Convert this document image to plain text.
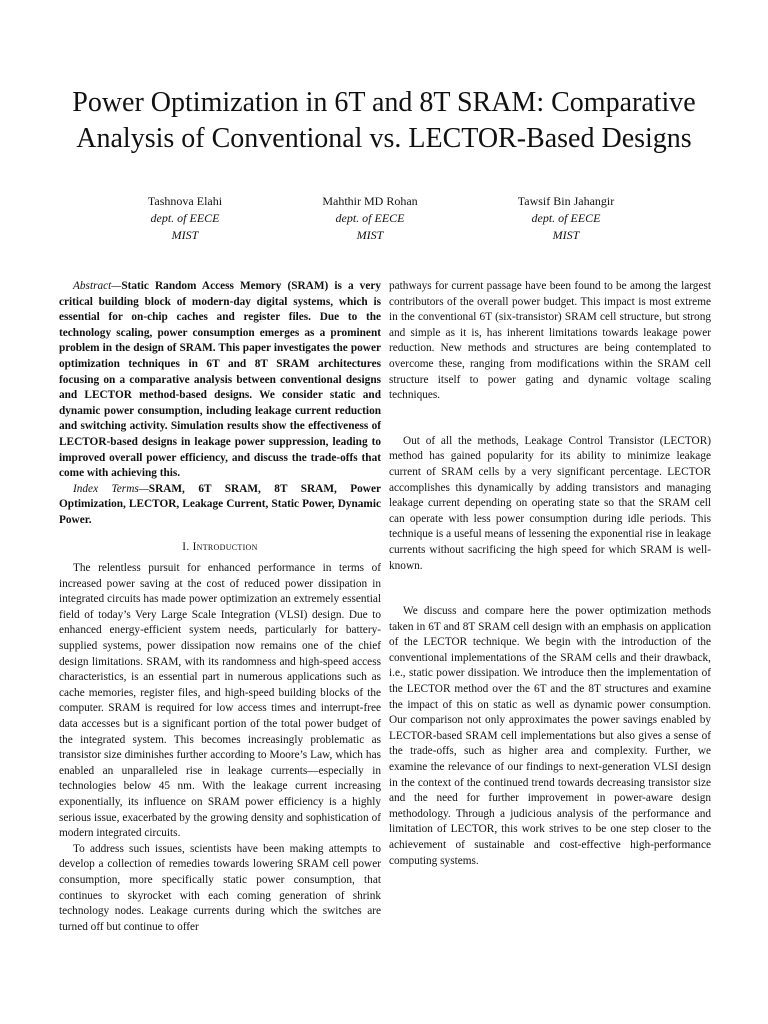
Power Optimization in 6T and 8T SRAM: Comparative Analysis of Conventional vs. LECTOR-Based Designs
Tashnova Elahi
dept. of EECE
MIST
Mahthir MD Rohan
dept. of EECE
MIST
Tawsif Bin Jahangir
dept. of EECE
MIST

Abstract—Static Random Access Memory (SRAM) is a very critical building block of modern-day digital systems, which is essential for on-chip caches and register files. Due to the technology scaling, power consumption emerges as a prominent problem in the design of SRAM. This paper investigates the power optimization techniques in 6T and 8T SRAM architectures focusing on a comparative analysis between conventional designs and LECTOR method-based designs. We consider static and dynamic power consumption, including leakage current reduction and switching activity. Simulation results show the effectiveness of LECTOR-based designs in leakage power suppression, leading to improved overall power efficiency, and discuss the trade-offs that come with achieving this.

Index Terms—SRAM, 6T SRAM, 8T SRAM, Power Optimization, LECTOR, Leakage Current, Static Power, Dynamic Power.

I. Introduction

The relentless pursuit for enhanced performance in terms of increased power saving at the cost of reduced power dissipation in integrated circuits has made power optimization an extremely essential field of today’s Very Large Scale Integration (VLSI) design. Due to enhanced energy-efficient system needs, particularly for battery-supplied systems, power dissipation now remains one of the chief design limitations. SRAM, with its randomness and high-speed access characteristics, is an essential part in numerous applications such as cache memories, register files, and high-speed building blocks of the computer. SRAM is required for low access times and interrupt-free data accesses but is a significant portion of the total power budget of the integrated system. This becomes increasingly problematic as transistor size diminishes further according to Moore’s Law, which has enabled an unparalleled rise in leakage currents—especially in technologies below 45 nm. With the leakage current increasing exponentially, its influence on SRAM power efficiency is a highly serious issue, exacerbated by the growing density and sophistication of modern integrated circuits.

To address such issues, scientists have been making attempts to develop a collection of remedies towards lowering SRAM cell power consumption, more specifically static power consumption, that continues to skyrocket with each coming generation of shrink technology nodes. Leakage currents during which the switches are turned off but continue to offer

pathways for current passage have been found to be among the largest contributors of the overall power budget. This impact is most extreme in the conventional 6T (six-transistor) SRAM cell structure, but strong and simple as it is, has inherent limitations towards leakage power reduction. New methods and structures are being contemplated to overcome these, ranging from modifications within the SRAM cell structure itself to power gating and dynamic voltage scaling techniques.

Out of all the methods, Leakage Control Transistor (LECTOR) method has gained popularity for its ability to minimize leakage current of SRAM cells by a very significant percentage. LECTOR accomplishes this dynamically by adding transistors and managing leakage current depending on operating state so that the SRAM cell can operate with less power consumption during idle periods. This technique is a useful means of lessening the exponential rise in leakage currents without sacrificing the high speed for which SRAM is well-known.

We discuss and compare here the power optimization methods taken in 6T and 8T SRAM cell design with an emphasis on application of the LECTOR technique. We begin with the introduction of the conventional implementations of the SRAM cells and their drawback, i.e., static power dissipation. We introduce then the implementation of the LECTOR method over the 6T and the 8T structures and examine the impact of this on static as well as dynamic power consumption. Our comparison not only approximates the power savings enabled by LECTOR-based SRAM cell implementations but also gives a sense of the trade-offs, such as higher area and complexity. Further, we examine the relevance of our findings to next-generation VLSI design in the context of the continued trend towards decreasing transistor size and the need for further improvement in power-aware design methodology. Through a judicious analysis of the performance and limitation of LECTOR, this work strives to be one step closer to the achievement of sustainable and cost-effective high-performance computing systems.
